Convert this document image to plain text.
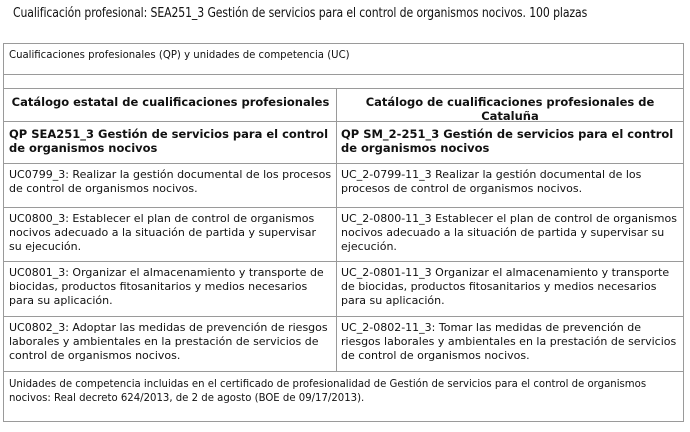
Cualificación profesional: SEA251_3 Gestión de servicios para el control de organismos nocivos. 100 plazas
Cualificaciones profesionales (QP) y unidades de competencia (UC)
Catálogo estatal de cualificaciones profesionales	Catálogo de cualificaciones profesionales de Cataluña
QP SEA251_3 Gestión de servicios para el control de organismos nocivos
QP SM_2-251_3 Gestión de servicios para el control de organismos nocivos
UC0799_3: Realizar la gestión documental de los procesos de control de organismos nocivos.
UC_2-0799-11_3 Realizar la gestión documental de los procesos de control de organismos nocivos.
UC0800_3: Establecer el plan de control de organismos nocivos adecuado a la situación de partida y supervisar su ejecución.
UC_2-0800-11_3 Establecer el plan de control de organismos nocivos adecuado a la situación de partida y supervisar su ejecución.
UC0801_3: Organizar el almacenamiento y transporte de biocidas, productos fitosanitarios y medios necesarios para su aplicación.
UC_2-0801-11_3 Organizar el almacenamiento y transporte de biocidas, productos fitosanitarios y medios necesarios para su aplicación.
UC0802_3: Adoptar las medidas de prevención de riesgos laborales y ambientales en la prestación de servicios de control de organismos nocivos.
UC_2-0802-11_3: Tomar las medidas de prevención de riesgos laborales y ambientales en la prestación de servicios de control de organismos nocivos.
Unidades de competencia incluidas en el certificado de profesionalidad de Gestión de servicios para el control de organismos nocivos: Real decreto 624/2013, de 2 de agosto (BOE de 09/17/2013).
